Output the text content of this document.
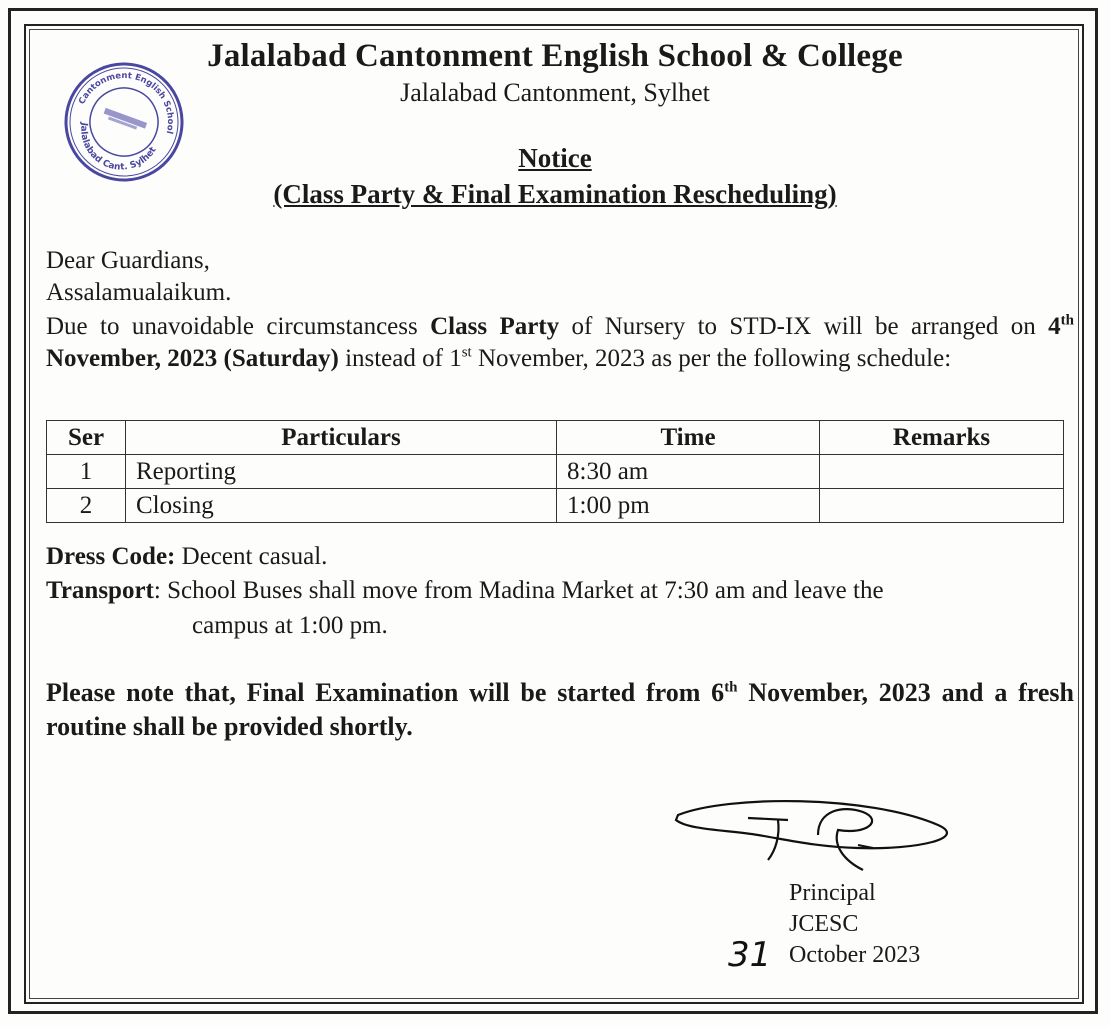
Cantonment English School
Jalalabad Cant. Sylhet
Jalalabad Cantonment English School & College
Jalalabad Cantonment, Sylhet
Notice
(Class Party & Final Examination Rescheduling)
Dear Guardians,
Assalamualaikum.
Due to unavoidable circumstancess Class Party of Nursery to STD-IX will be arranged on 4th November, 2023 (Saturday) instead of 1st November, 2023 as per the following schedule:
Ser	Particulars	Time	Remarks
1	Reporting	8:30 am	
2	Closing	1:00 pm	
Dress Code: Decent casual.
Transport: School Buses shall move from Madina Market at 7:30 am and leave the
campus at 1:00 pm.
Please note that, Final Examination will be started from 6th November, 2023 and a fresh routine shall be provided shortly.
Principal
JCESC
October 2023
31
